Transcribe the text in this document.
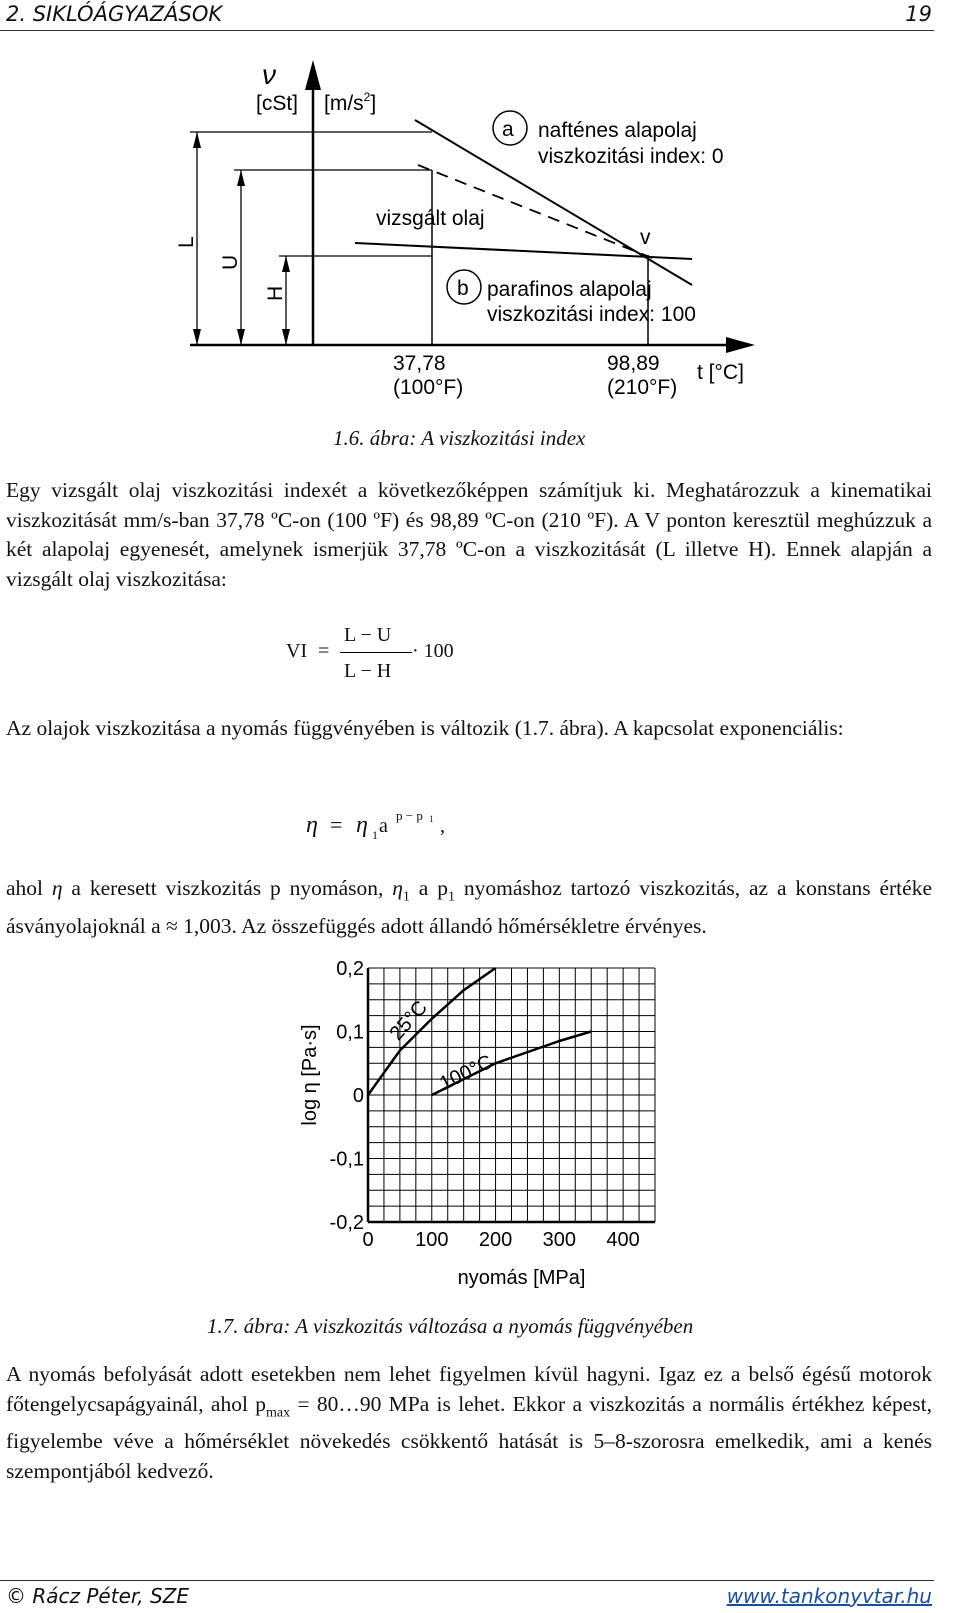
2. SIKLÓÁGYAZÁSOK	19
ν
[cSt] $[m/s^2]$
L
U
H
a nafténes alapolaj
viszkozitási index: 0
vizsgált olaj
v
b parafinos alapolaj
viszkozitási index: 100
37,78
(100°F)
98,89
(210°F)
t [°C]
1.6. ábra: A viszkozitási index
Egy vizsgált olaj viszkozitási indexét a következőképpen számítjuk ki. Meghatározzuk a kinematikai viszkozitását mm/s-ban 37,78 ºC-on (100 ºF) és 98,89 ºC-on (210 ºF). A V ponton keresztül meghúzzuk a két alapolaj egyenesét, amelynek ismerjük 37,78 ºC-on a viszkozitását (L illetve H). Ennek alapján a vizsgált olaj viszkozitása:
VI =
L − U
L − H
· 100
Az olajok viszkozitása a nyomás függvényében is változik (1.7. ábra). A kapcsolat exponenciális:
η = η 1 a p − p 1 ,
ahol η a keresett viszkozitás p nyomáson, $\eta_1$ a $p_1$ nyomáshoz tartozó viszkozitás, az a konstans értéke ásványolajoknál a ≈ 1,003. Az összefüggés adott állandó hőmérsékletre érvényes.
0 100 200 300 400
0,2
0,1
0
-0,1
-0,2
nyomás [MPa]
log η [Pa·s]
25°C
100°C
1.7. ábra: A viszkozitás változása a nyomás függvényében
A nyomás befolyását adott esetekben nem lehet figyelmen kívül hagyni. Igaz ez a belső égésű motorok főtengelycsapágyainál, ahol $p_{max}$ = 80…90 MPa is lehet. Ekkor a viszkozitás a normális értékhez képest, figyelembe véve a hőmérséklet növekedés csökkentő hatását is 5–8-szorosra emelkedik, ami a kenés szempontjából kedvező.
© Rácz Péter, SZE	www.tankonyvtar.hu
